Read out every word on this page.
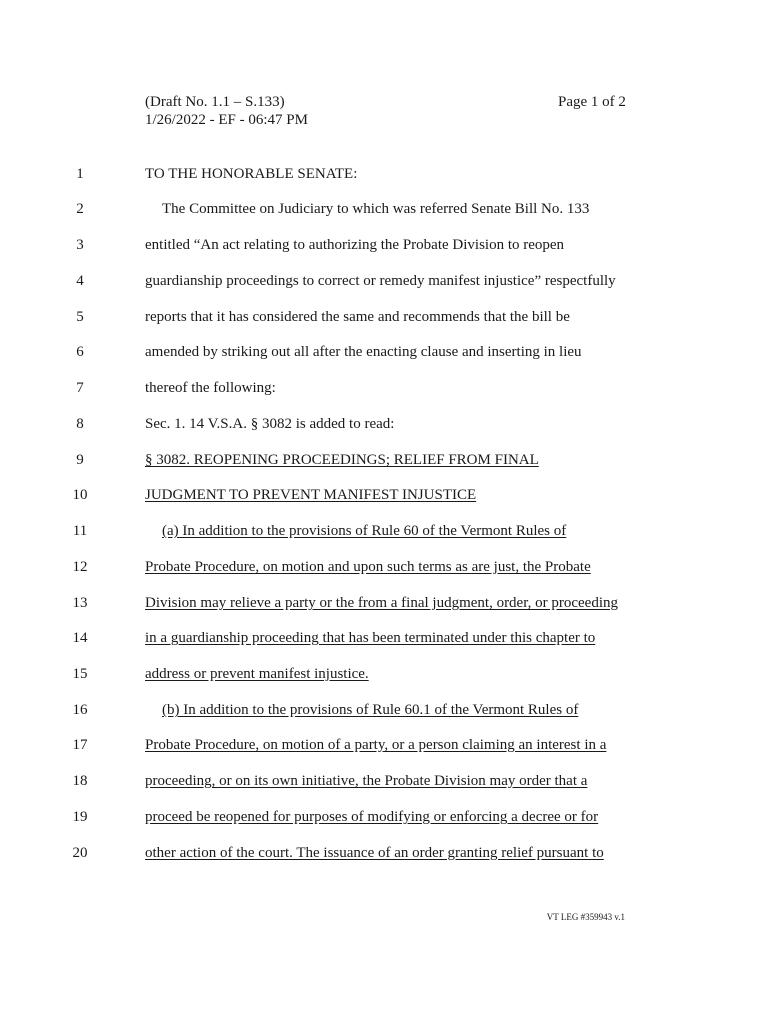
(Draft No. 1.1 – S.133)
1/26/2022 - EF - 06:47 PM
Page 1 of 2
1	TO THE HONORABLE SENATE:
2	The Committee on Judiciary to which was referred Senate Bill No. 133
3	entitled “An act relating to authorizing the Probate Division to reopen
4	guardianship proceedings to correct or remedy manifest injustice” respectfully
5	reports that it has considered the same and recommends that the bill be
6	amended by striking out all after the enacting clause and inserting in lieu
7	thereof the following:
8	Sec. 1. 14 V.S.A. § 3082 is added to read:
9	§ 3082. REOPENING PROCEEDINGS; RELIEF FROM FINAL
10	JUDGMENT TO PREVENT MANIFEST INJUSTICE
11	(a) In addition to the provisions of Rule 60 of the Vermont Rules of
12	Probate Procedure, on motion and upon such terms as are just, the Probate
13	Division may relieve a party or the from a final judgment, order, or proceeding
14	in a guardianship proceeding that has been terminated under this chapter to
15	address or prevent manifest injustice.
16	(b) In addition to the provisions of Rule 60.1 of the Vermont Rules of
17	Probate Procedure, on motion of a party, or a person claiming an interest in a
18	proceeding, or on its own initiative, the Probate Division may order that a
19	proceed be reopened for purposes of modifying or enforcing a decree or for
20	other action of the court. The issuance of an order granting relief pursuant to
VT LEG #359943 v.1
